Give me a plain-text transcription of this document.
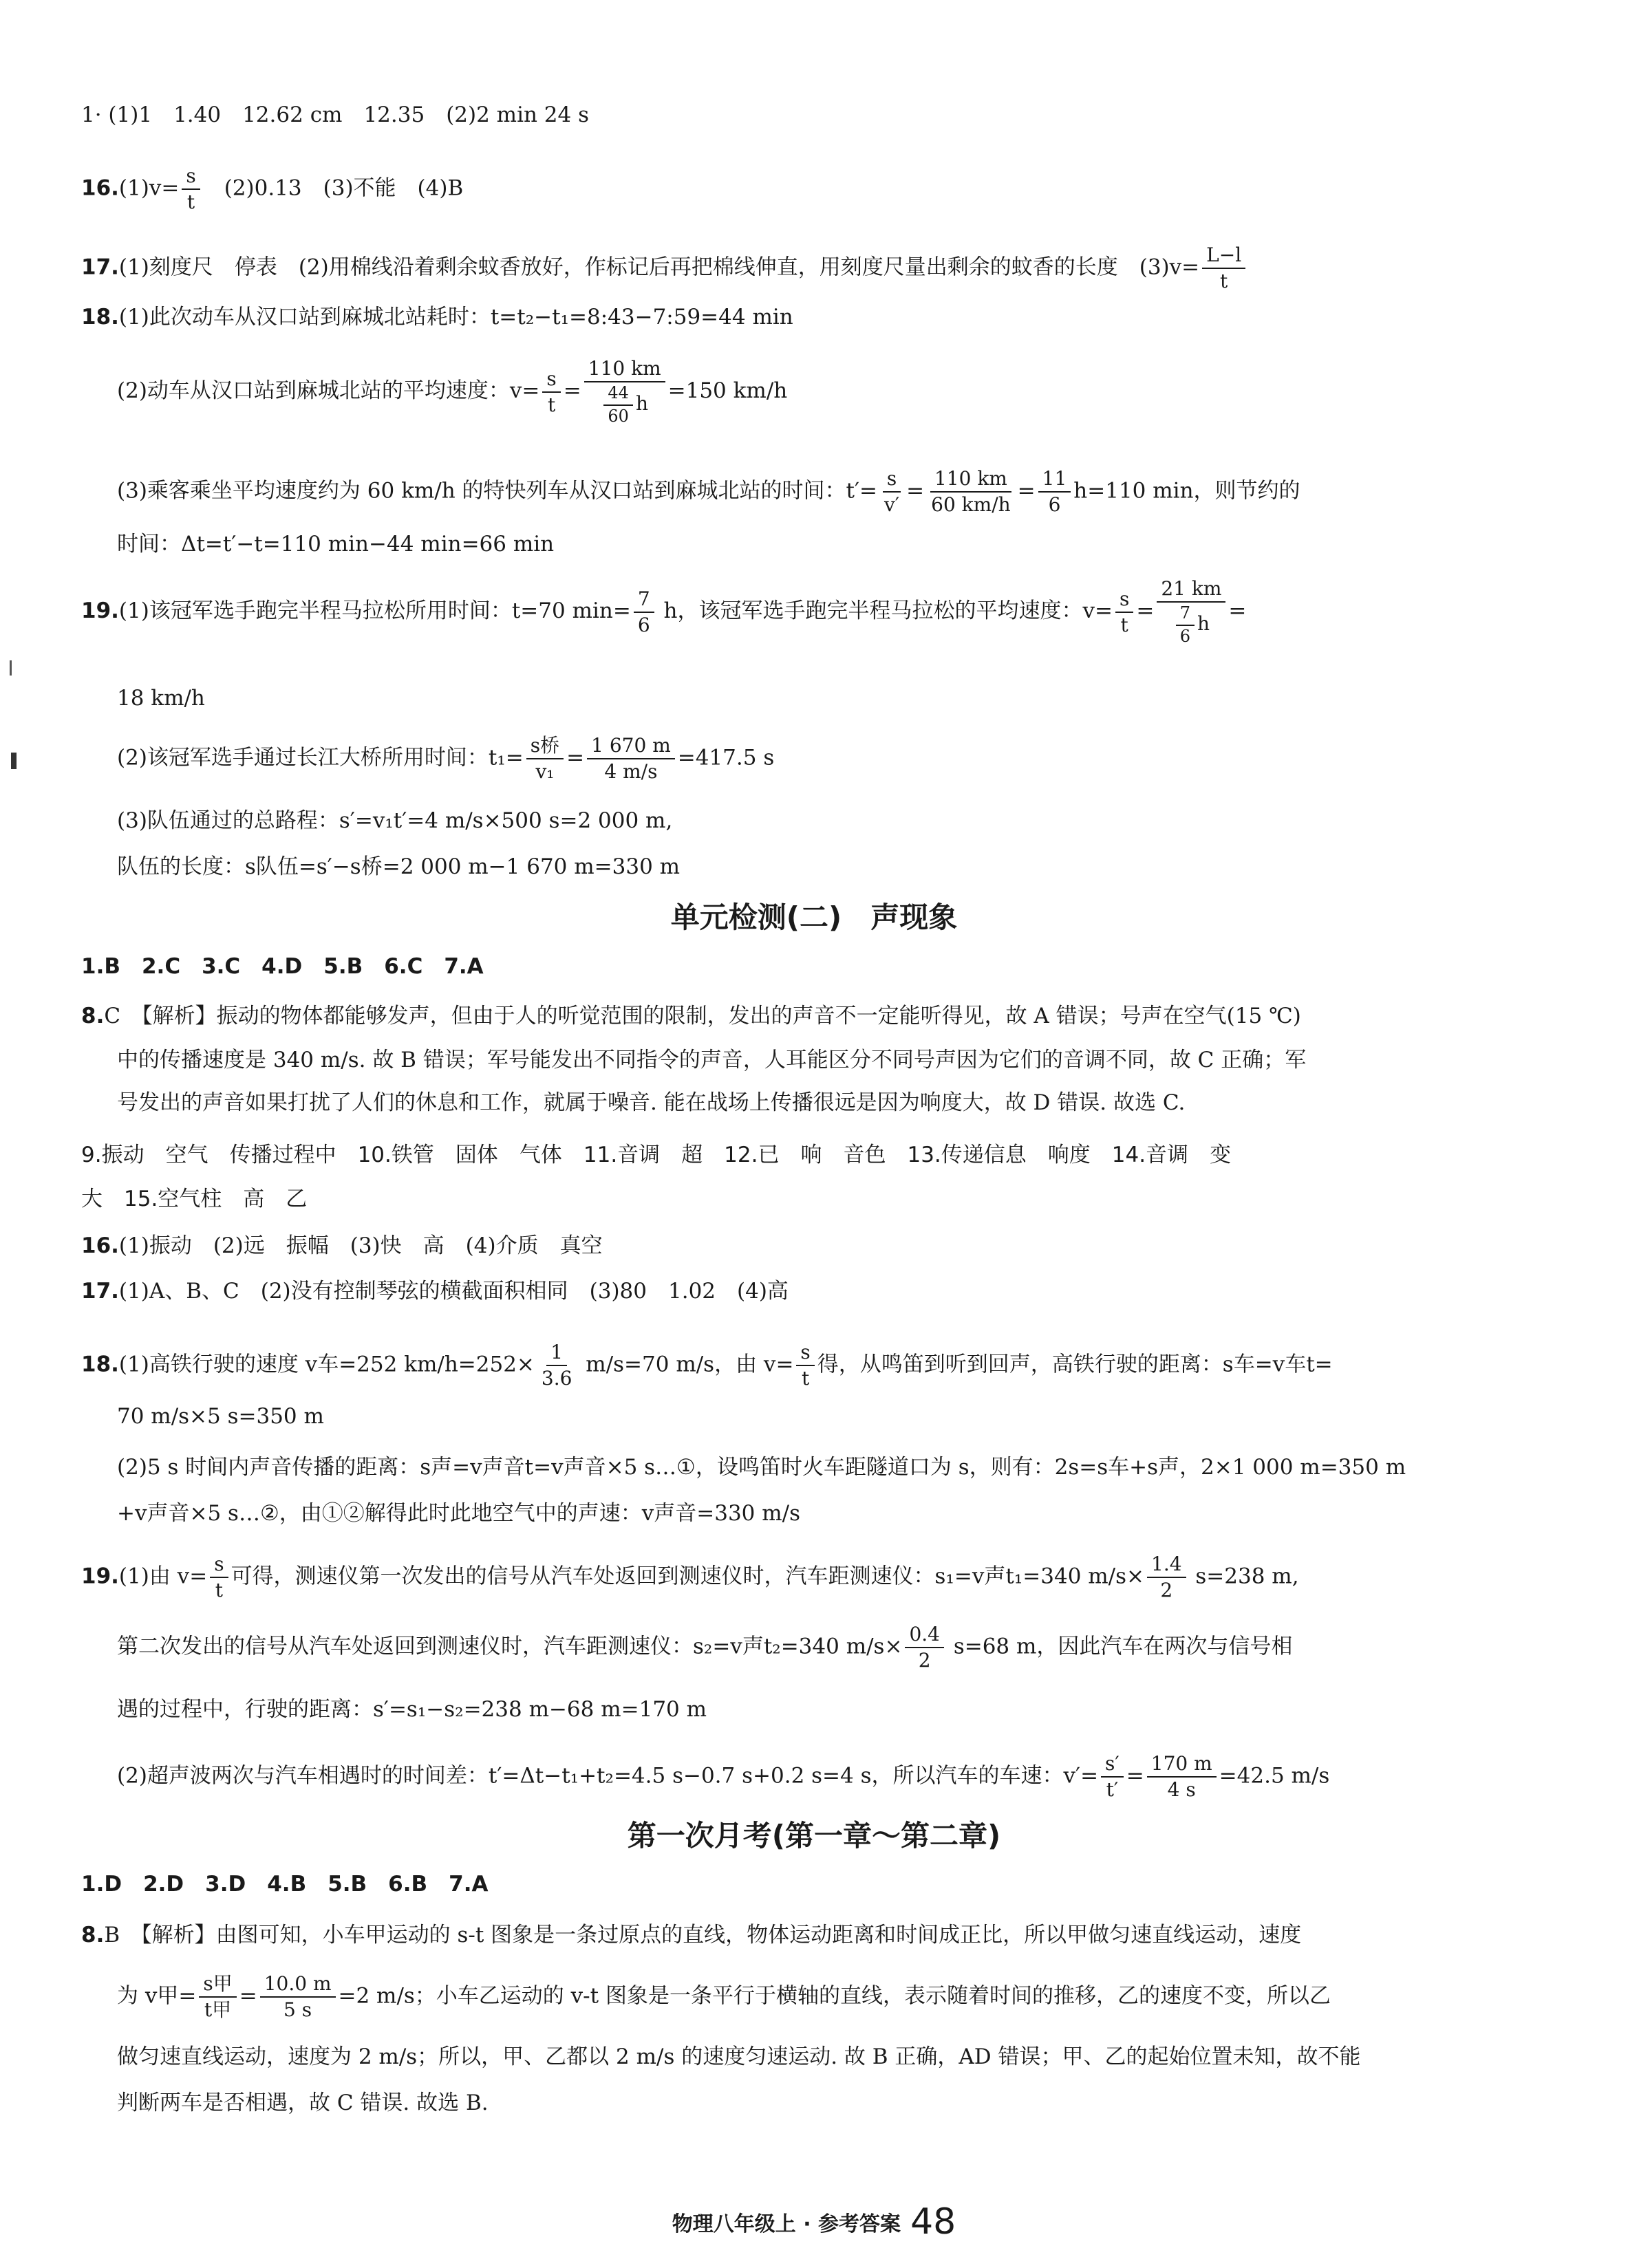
1· (1)1　1.40　12.62 cm　12.35　(2)2 min 24 s
$16.(1)v= \frac{s}{t}$ 　(2)0.13　(3)不能　(4)B
17.(1)刻度尺　停表　(2)用棉线沿着剩余蚊香放好，作标记后再把棉线伸直，用刻度尺量出剩余的蚊香的长度　$(3)v= \frac{L-l}{t}$
18.(1)此次动车从汉口站到麻城北站耗时：t=t₂−t₁=8:43−7:59=44 min
(2)动车从汉口站到麻城北站的平均速度：$v= \frac{s}{t} = \frac{110 km}{\frac{44}{60} h} =150$ km/h
(3)乘客乘坐平均速度约为 60 km/h 的特快列车从汉口站到麻城北站的时间：$t'= \frac{s}{v'} = \frac{110 km}{60 km/h} = \frac{11}{6} h=110$ min，则节约的
时间：Δt=t′−t=110 min−44 min=66 min
19.(1)该冠军选手跑完半程马拉松所用时间：t=70 $\min= \frac{7}{6}$ h，该冠军选手跑完半程马拉松的平均速度：$v= \frac{s}{t} = \frac{21 km}{\frac{7}{6} h}$ =
18 km/h
(2)该冠军选手通过长江大桥所用时间：$t_1= \frac{\text{s桥}}{\text{v₁}} = \frac{1 670 m}{4 m/s} =417.5$ s
(3)队伍通过的总路程：s′=v₁t′=4 m/s×500 s=2 000 m,
队伍的长度：s队伍=s′−s桥=2 000 m−1 670 m=330 m
单元检测(二)　声现象
1.B　2.C　3.C　4.D　5.B　6.C　7.A
8.C　【解析】振动的物体都能够发声，但由于人的听觉范围的限制，发出的声音不一定能听得见，故 A 错误；号声在空气(15 ℃)
中的传播速度是 340 m/s. 故 B 错误；军号能发出不同指令的声音，人耳能区分不同号声因为它们的音调不同，故 C 正确；军
号发出的声音如果打扰了人们的休息和工作，就属于噪音. 能在战场上传播很远是因为响度大，故 D 错误. 故选 C.
9.振动　空气　传播过程中　10.铁管　固体　气体　11.音调　超　12.已　响　音色　13.传递信息　响度　14.音调　变
大　15.空气柱　高　乙
16.(1)振动　(2)远　振幅　(3)快　高　(4)介质　真空
17.(1)A、B、C　(2)没有控制琴弦的横截面积相同　(3)80　1.02　(4)高
18.(1)高铁行驶的速度 v车=252 $km/h=252\times \frac{1}{3.6} m/s=70$ m/s，由 $v= \frac{s}{t}$ 得，从鸣笛到听到回声，高铁行驶的距离：s车=v车t=
70 m/s×5 s=350 m
(2)5 s 时间内声音传播的距离：s声=v声音t=v声音×5 s…①，设鸣笛时火车距隧道口为 s，则有：2s=s车+s声，2×1 000 m=350 m
+v声音×5 s…②，由①②解得此时此地空气中的声速：v声音=330 m/s
19.(1)由 $v= \frac{s}{t}$ 可得，测速仪第一次发出的信号从汽车处返回到测速仪时，汽车距测速仪：s₁=v声t₁=340 $m/s\times \frac{1.4}{2} s=238$ m,
第二次发出的信号从汽车处返回到测速仪时，汽车距测速仪：s₂=v声t₂=340 $m/s\times \frac{0.4}{2} s=68$ m，因此汽车在两次与信号相
遇的过程中，行驶的距离：s′=s₁−s₂=238 m−68 m=170 m
(2)超声波两次与汽车相遇时的时间差：t′=Δt−t₁+t₂=4.5 s−0.7 s+0.2 s=4 s，所以汽车的车速：$v'= \frac{s'}{t'} = \frac{170 m}{4 s} =42.5$ m/s
第一次月考(第一章～第二章)
1.D　2.D　3.D　4.B　5.B　6.B　7.A
8.B　【解析】由图可知，小车甲运动的 s-t 图象是一条过原点的直线，物体运动距离和时间成正比，所以甲做匀速直线运动，速度
为 v甲= $\frac{\text{s甲}}{\text{t甲}} = \frac{10.0 m}{5 s} =2$ m/s；小车乙运动的 v-t 图象是一条平行于横轴的直线，表示随着时间的推移，乙的速度不变，所以乙
做匀速直线运动，速度为 2 m/s；所以，甲、乙都以 2 m/s 的速度匀速运动. 故 B 正确，AD 错误；甲、乙的起始位置未知，故不能
判断两车是否相遇，故 C 错误. 故选 B.
物理八年级上 · 参考答案 48
